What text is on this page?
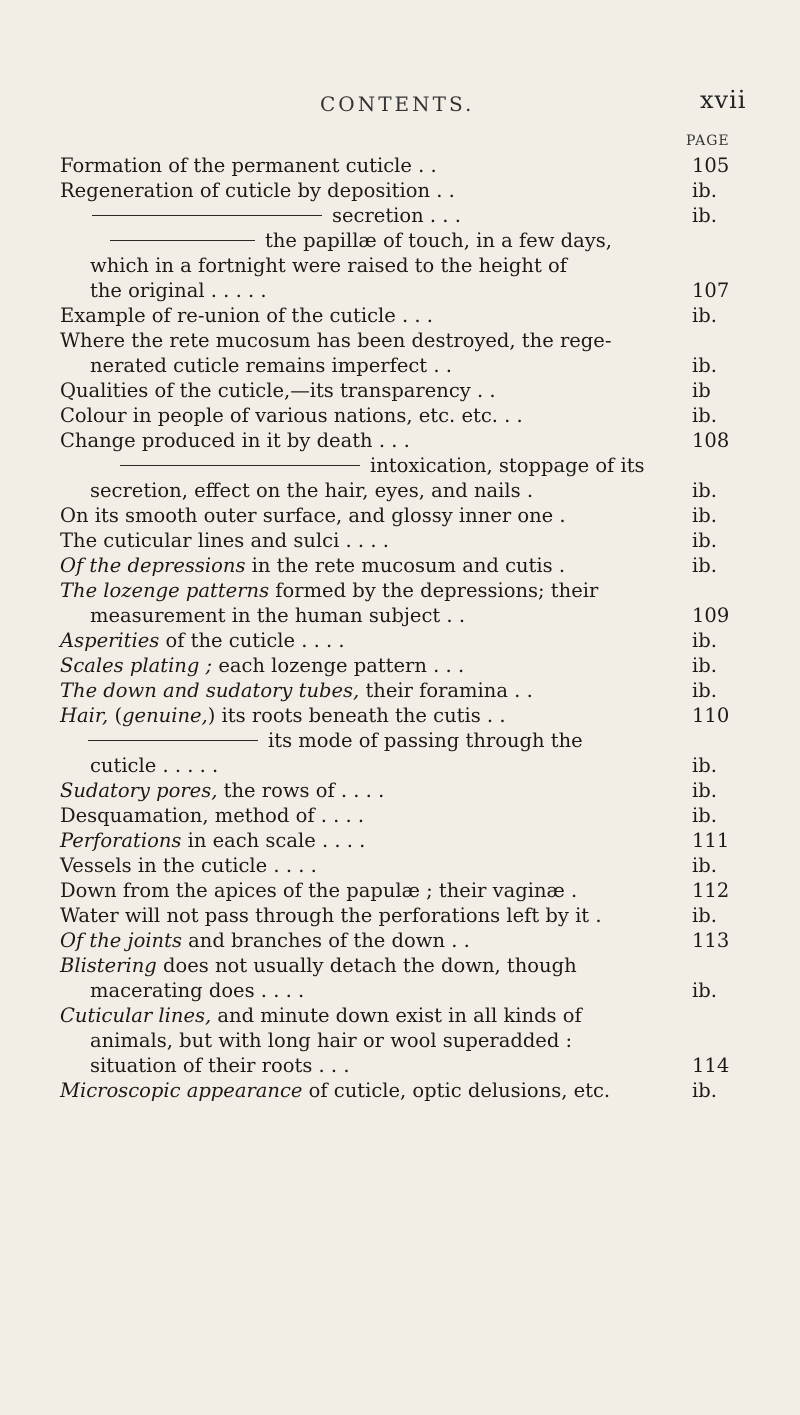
CONTENTS.	xvii
PAGE
Formation of the permanent cuticle . .	105
Regeneration of cuticle by deposition . .	ib.
secretion . . .	ib.
the papillæ of touch, in a few days,
which in a fortnight were raised to the height of
the original . . . . .	107
Example of re-union of the cuticle . . .	ib.
Where the rete mucosum has been destroyed, the rege-
nerated cuticle remains imperfect . .	ib.
Qualities of the cuticle,—its transparency . .	ib
Colour in people of various nations, etc. etc. . .	ib.
Change produced in it by death . . .	108
intoxication, stoppage of its
secretion, effect on the hair, eyes, and nails .	ib.
On its smooth outer surface, and glossy inner one .	ib.
The cuticular lines and sulci . . . .	ib.
Of the depressions in the rete mucosum and cutis .	ib.
The lozenge patterns formed by the depressions; their
measurement in the human subject . .	109
Asperities of the cuticle . . . .	ib.
Scales plating ; each lozenge pattern . . .	ib.
The down and sudatory tubes, their foramina . .	ib.
Hair, (genuine,) its roots beneath the cutis . .	110
its mode of passing through the
cuticle . . . . .	ib.
Sudatory pores, the rows of . . . .	ib.
Desquamation, method of . . . .	ib.
Perforations in each scale . . . .	111
Vessels in the cuticle . . . .	ib.
Down from the apices of the papulæ ; their vaginæ .	112
Water will not pass through the perforations left by it .	ib.
Of the joints and branches of the down . .	113
Blistering does not usually detach the down, though
macerating does . . . .	ib.
Cuticular lines, and minute down exist in all kinds of
animals, but with long hair or wool superadded :
situation of their roots . . .	114
Microscopic appearance of cuticle, optic delusions, etc.	ib.
